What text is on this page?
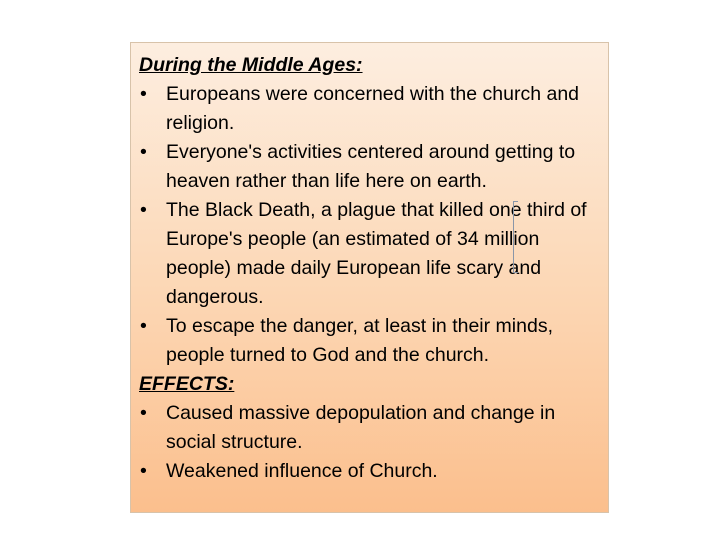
During the Middle Ages:

• Europeans were concerned with the church and religion.
• Everyone's activities centered around getting to heaven rather than life here on earth.
• The Black Death, a plague that killed one third of Europe's people (an estimated of 34 million people) made daily European life scary and dangerous.
• To escape the danger, at least in their minds, people turned to God and the church.

EFFECTS:

• Caused massive depopulation and change in social structure.
• Weakened influence of Church.
